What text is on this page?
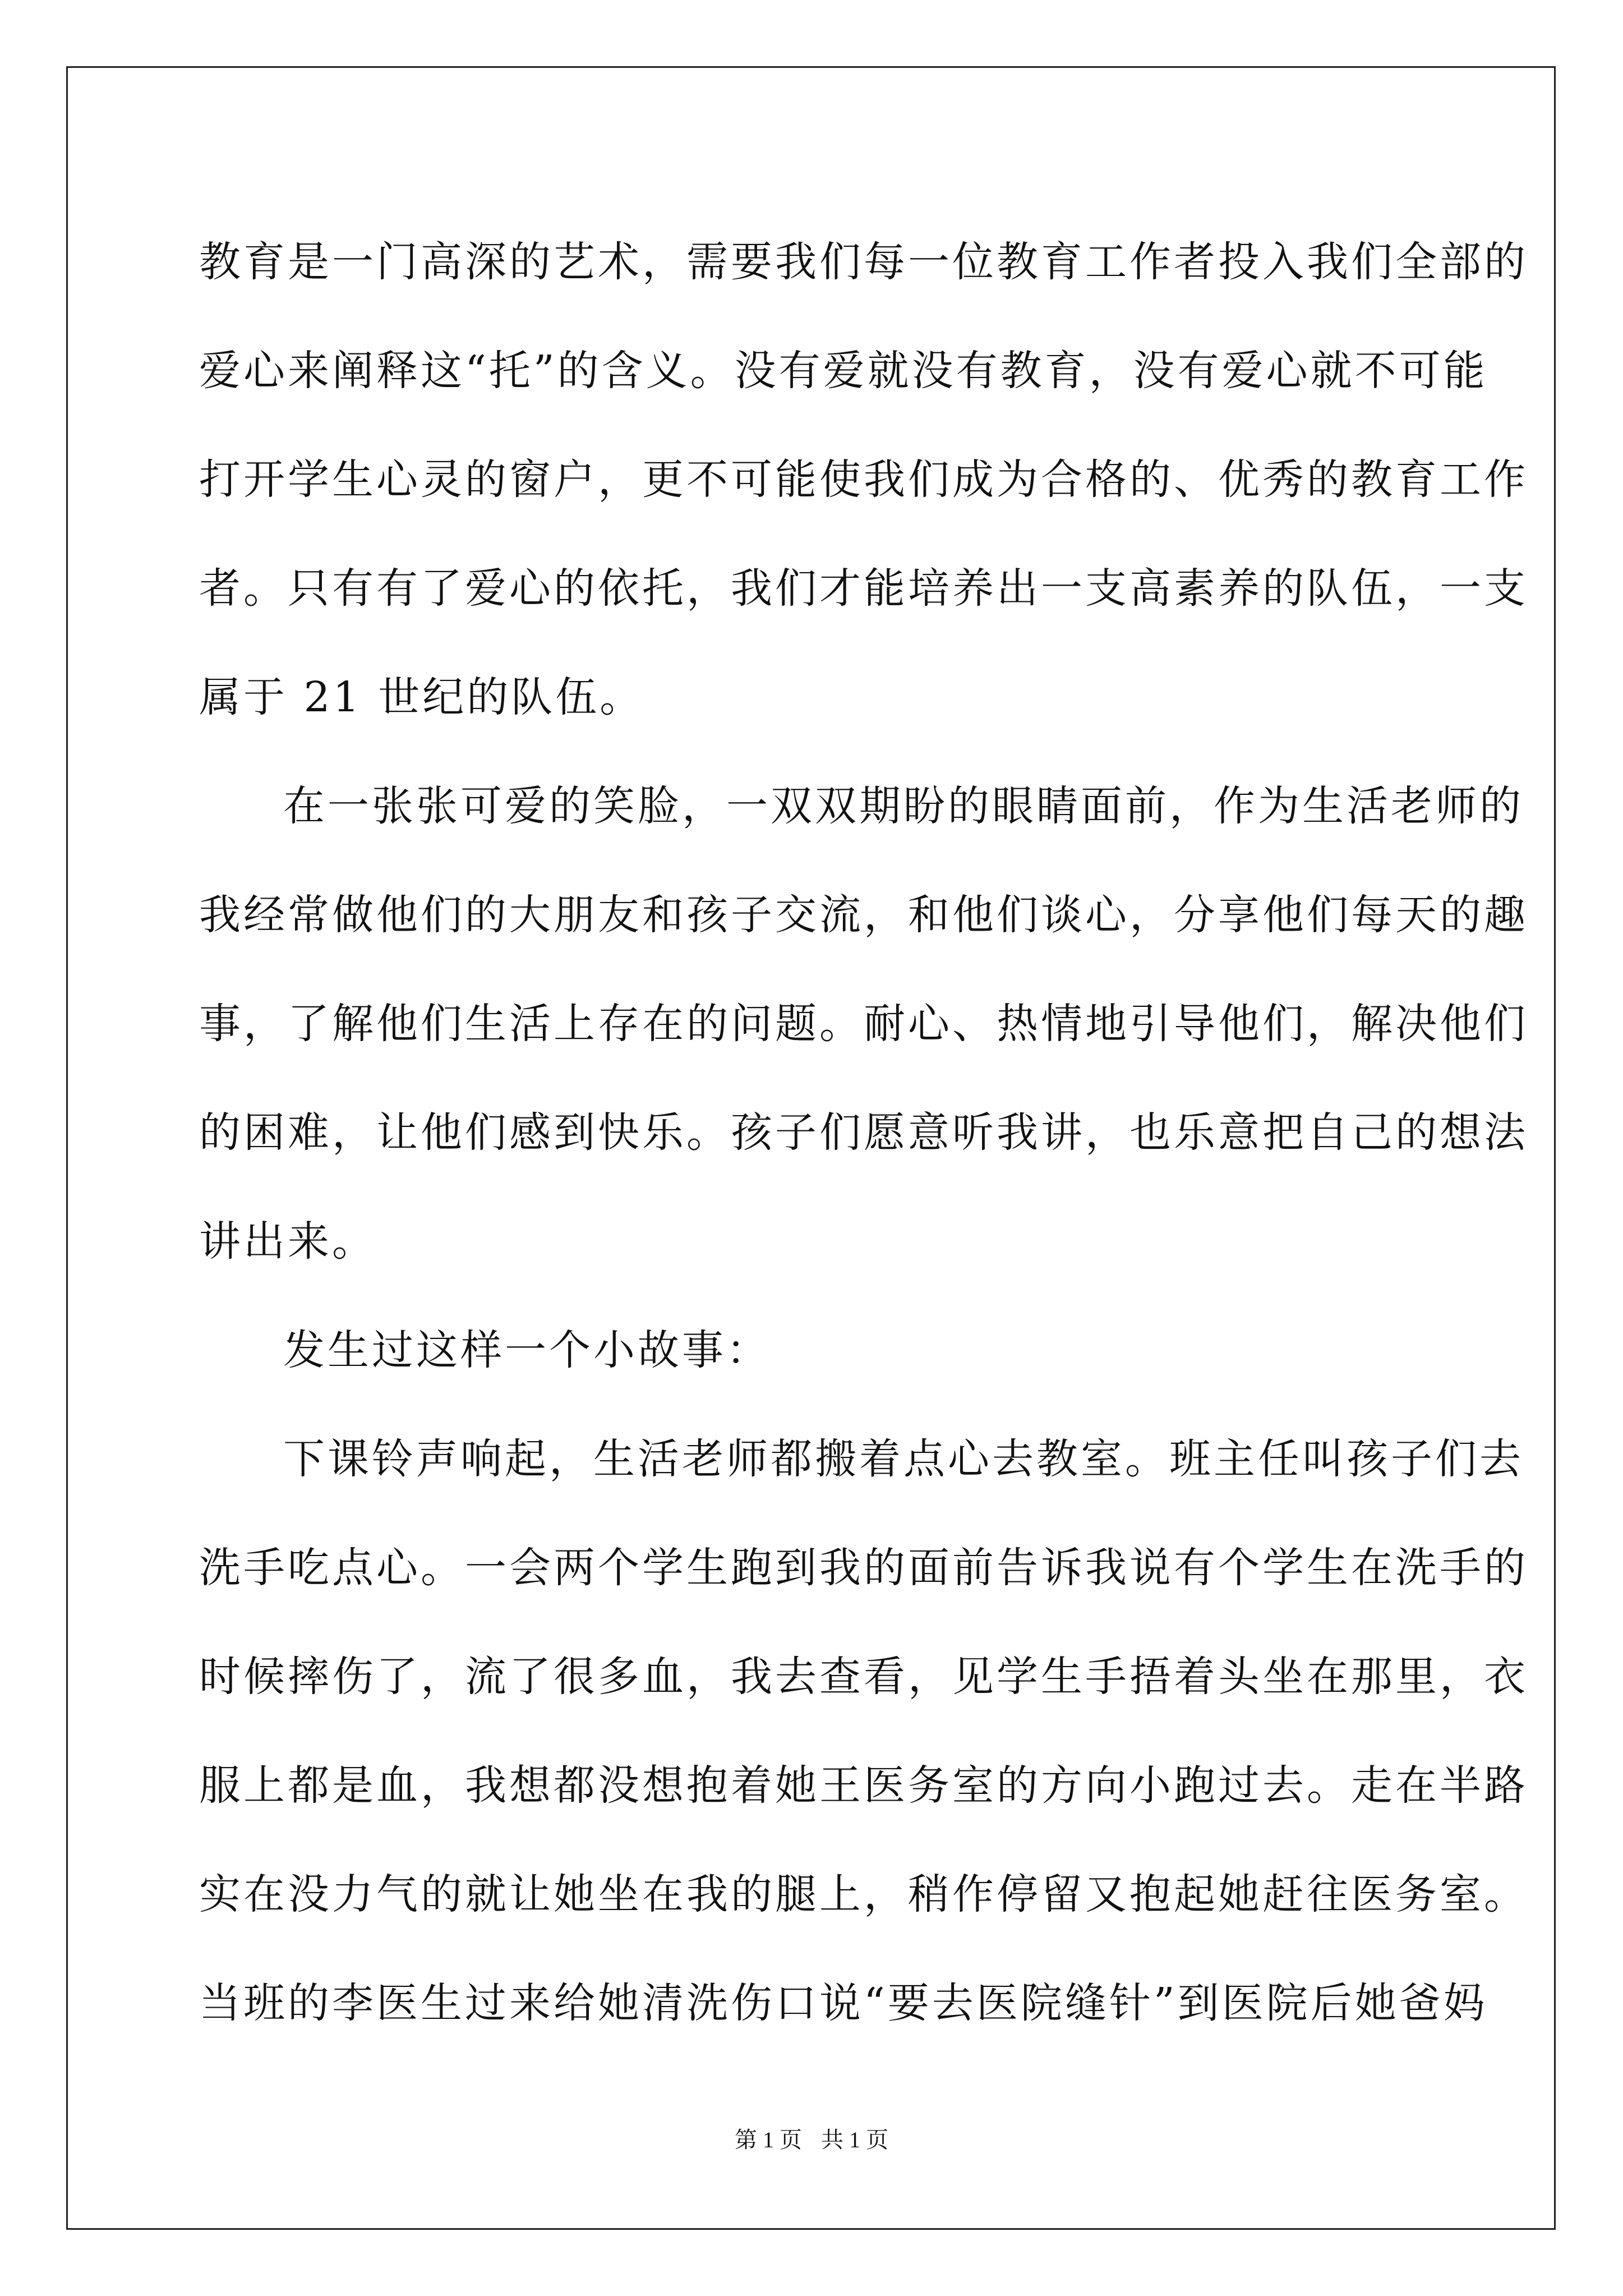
教育是一门高深的艺术，需要我们每一位教育工作者投入我们全部的
爱心来阐释这“托”的含义。没有爱就没有教育，没有爱心就不可能
打开学生心灵的窗户，更不可能使我们成为合格的、优秀的教育工作
者。只有有了爱心的依托，我们才能培养出一支高素养的队伍，一支
属于 21 世纪的队伍。
在一张张可爱的笑脸，一双双期盼的眼睛面前，作为生活老师的
我经常做他们的大朋友和孩子交流，和他们谈心，分享他们每天的趣
事，了解他们生活上存在的问题。耐心、热情地引导他们，解决他们
的困难，让他们感到快乐。孩子们愿意听我讲，也乐意把自己的想法
讲出来。
发生过这样一个小故事：
下课铃声响起，生活老师都搬着点心去教室。班主任叫孩子们去
洗手吃点心。一会两个学生跑到我的面前告诉我说有个学生在洗手的
时候摔伤了，流了很多血，我去查看，见学生手捂着头坐在那里，衣
服上都是血，我想都没想抱着她王医务室的方向小跑过去。走在半路
实在没力气的就让她坐在我的腿上，稍作停留又抱起她赶往医务室。
当班的李医生过来给她清洗伤口说“要去医院缝针”到医院后她爸妈
第 1 页 共 1 页
